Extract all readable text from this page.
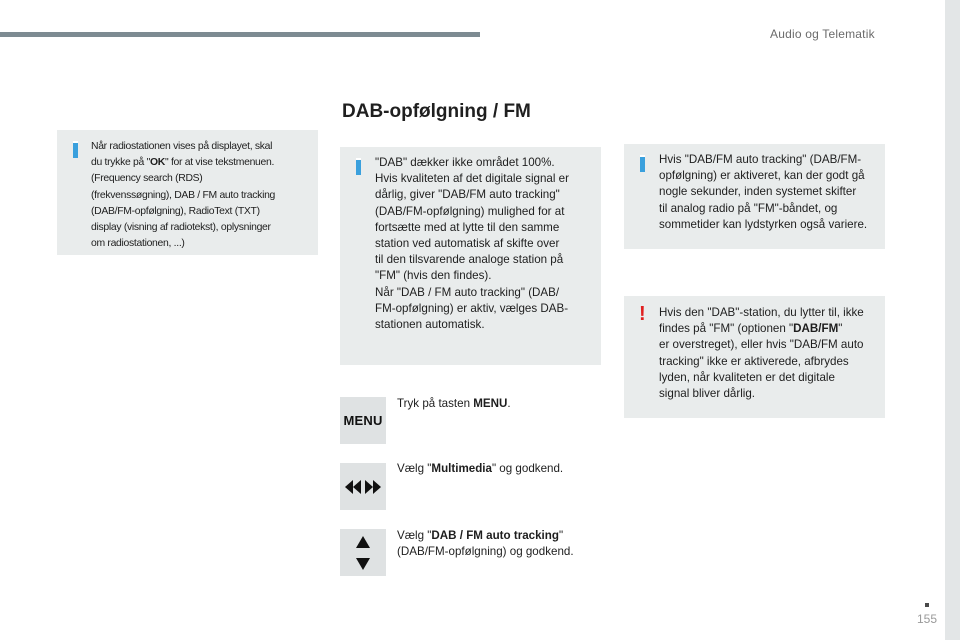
Audio og Telematik
DAB-opfølgning / FM
Når radiostationen vises på displayet, skal
du trykke på "OK" for at vise tekstmenuen.
(Frequency search (RDS)
(frekvenssøgning), DAB / FM auto tracking
(DAB/FM-opfølgning), RadioText (TXT)
display (visning af radiotekst), oplysninger
om radiostationen, ...)
"DAB" dækker ikke området 100%.
Hvis kvaliteten af det digitale signal er
dårlig, giver "DAB/FM auto tracking"
(DAB/FM-opfølgning) mulighed for at
fortsætte med at lytte til den samme
station ved automatisk af skifte over
til den tilsvarende analoge station på
"FM" (hvis den findes).
Når "DAB / FM auto tracking" (DAB/
FM-opfølgning) er aktiv, vælges DAB-
stationen automatisk.
Hvis "DAB/FM auto tracking" (DAB/FM-
opfølgning) er aktiveret, kan der godt gå
nogle sekunder, inden systemet skifter
til analog radio på "FM"-båndet, og
sommetider kan lydstyrken også variere.
! Hvis den "DAB"-station, du lytter til, ikke
findes på "FM" (optionen "DAB/FM"
er overstreget), eller hvis "DAB/FM auto
tracking" ikke er aktiverede, afbrydes
lyden, når kvaliteten er det digitale
signal bliver dårlig.
MENU
Tryk på tasten MENU.
Vælg "Multimedia" og godkend.
Vælg "DAB / FM auto tracking"
(DAB/FM-opfølgning) og godkend.
155
